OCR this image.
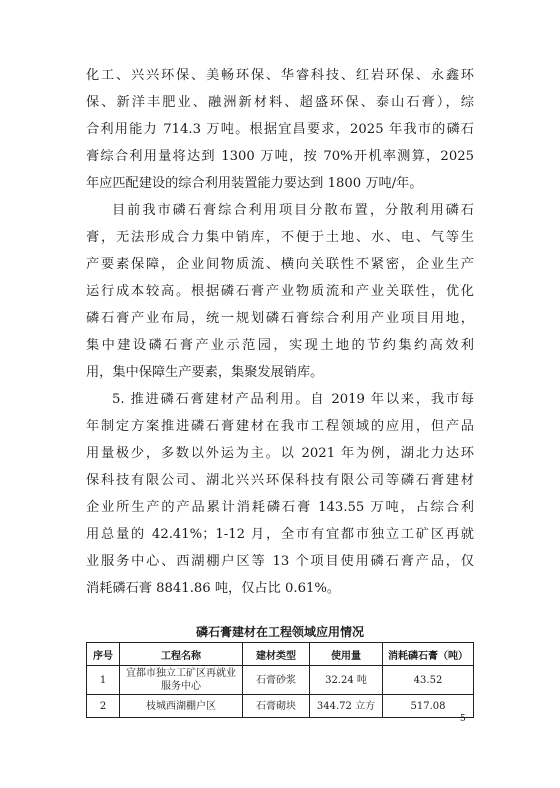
化工、兴兴环保、美畅环保、华睿科技、红岩环保、永鑫环
保、新洋丰肥业、融洲新材料、超盛环保、泰山石膏），综
合利用能力 714.3 万吨。根据宜昌要求，2025 年我市的磷石
膏综合利用量将达到 1300 万吨，按 70%开机率测算，2025
年应匹配建设的综合利用装置能力要达到 1800 万吨/年。
目前我市磷石膏综合利用项目分散布置，分散利用磷石
膏，无法形成合力集中销库，不便于土地、水、电、气等生
产要素保障，企业间物质流、横向关联性不紧密，企业生产
运行成本较高。根据磷石膏产业物质流和产业关联性，优化
磷石膏产业布局，统一规划磷石膏综合利用产业项目用地，
集中建设磷石膏产业示范园，实现土地的节约集约高效利
用，集中保障生产要素，集聚发展销库。
5. 推进磷石膏建材产品利用。自 2019 年以来，我市每
年制定方案推进磷石膏建材在我市工程领域的应用，但产品
用量极少，多数以外运为主。以 2021 年为例，湖北力达环
保科技有限公司、湖北兴兴环保科技有限公司等磷石膏建材
企业所生产的产品累计消耗磷石膏 143.55 万吨，占综合利
用总量的 42.41%；1-12 月，全市有宜都市独立工矿区再就
业服务中心、西湖棚户区等 13 个项目使用磷石膏产品，仅
消耗磷石膏 8841.86 吨，仅占比 0.61%。
磷石膏建材在工程领域应用情况
序号	工程名称	建材类型	使用量	消耗磷石膏（吨）
1	宜都市独立工矿区再就业服务中心	石膏砂浆	32.24 吨	43.52
2	枝城西湖棚户区	石膏砌块	344.72 立方	517.08
5
